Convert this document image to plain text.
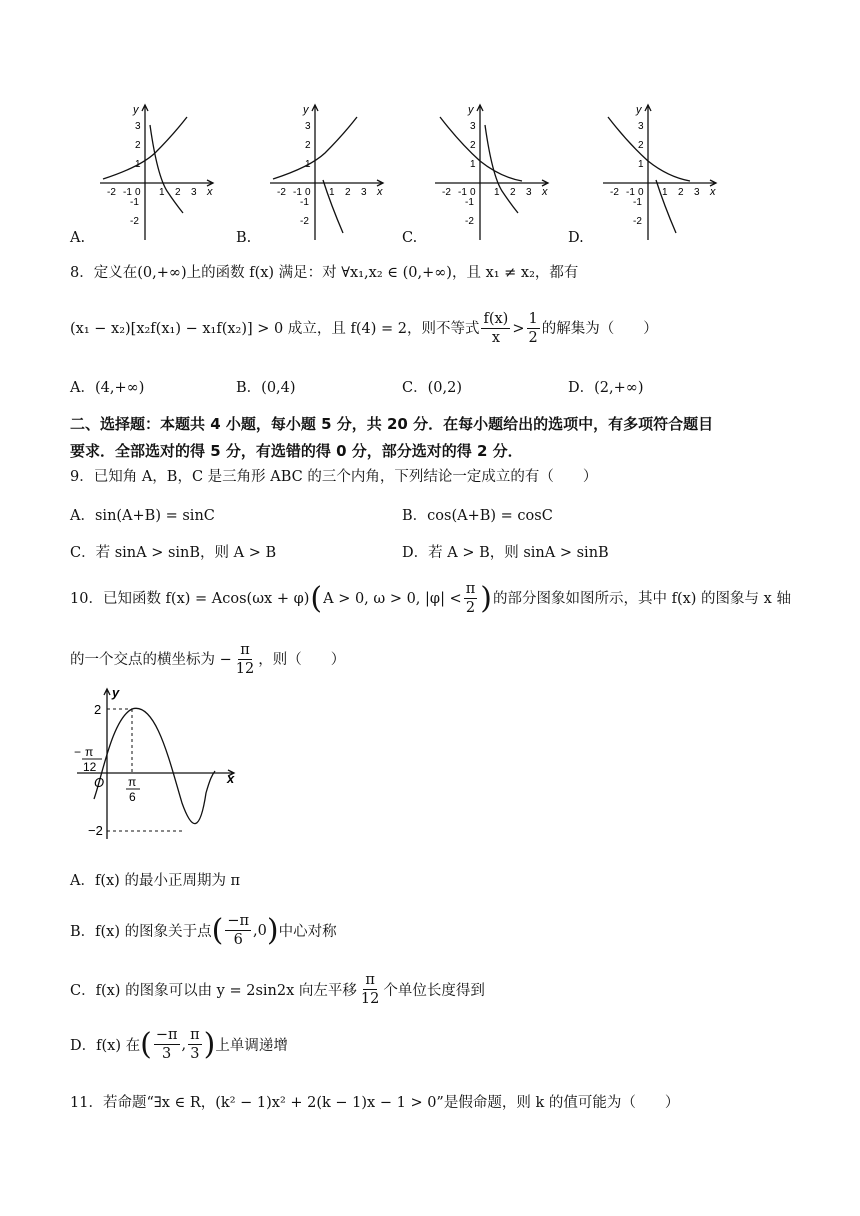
y
x
3
2
1
-2 -1 0 1 2 3
-1
-2
A.
y
x
3
2
1
-2 -1 0 1 2 3
-1
-2
B.
y
x
3
2
1
-2 -1 0 1 2 3
-1
-2
C.
y
x
3
2
1
-2 -1 0 1 2 3
-1
-2
D.
8．定义在(0,+∞)上的函数 f(x) 满足：对 ∀x₁,x₂ ∈ (0,+∞)，且 x₁ ≠ x₂，都有
(x₁ − x₂)[x₂f(x₁) − x₁f(x₂)] > 0 成立，且 f(4) = 2，则不等式 $\frac{f(x)}{x} > \frac{1}{2}$ 的解集为（　　）
A．(4,+∞)	B．(0,4)	C．(0,2)	D．(2,+∞)
二、选择题：本题共 4 小题，每小题 5 分，共 20 分．在每小题给出的选项中，有多项符合题目
要求．全部选对的得 5 分，有选错的得 0 分，部分选对的得 2 分．
9．已知角 A，B，C 是三角形 ABC 的三个内角，下列结论一定成立的有（　　）
A．sin(A+B) = sinC	B．cos(A+B) = cosC
C．若 sinA > sinB，则 A > B	D．若 A > B，则 sinA > sinB
10．已知函数 f(x) = Acos(ωx + φ) ( A > 0, ω > 0, $|\varphi| < \frac{\pi}{2}$ ) 的部分图象如图所示，其中 f(x) 的图象与 x 轴
的一个交点的横坐标为 − $\frac{\pi}{12}$ ，则（　　）
y
x
O
2
−2
− π
12
π
6
A．f(x) 的最小正周期为 π
B． f(x) 的图象关于点 ( $\frac{-\pi}{6} ,0$ ) 中心对称
C． f(x) 的图象可以由 y = 2sin2x 向左平移 $\frac{\pi}{12}$ 个单位长度得到
D． f(x) 在 ( $\frac{-\pi}{3}$ , $\frac{\pi}{3}$ ) 上单调递增
11．若命题“∃x ∈ R，(k² − 1)x² + 2(k − 1)x − 1 > 0”是假命题，则 k 的值可能为（　　）
